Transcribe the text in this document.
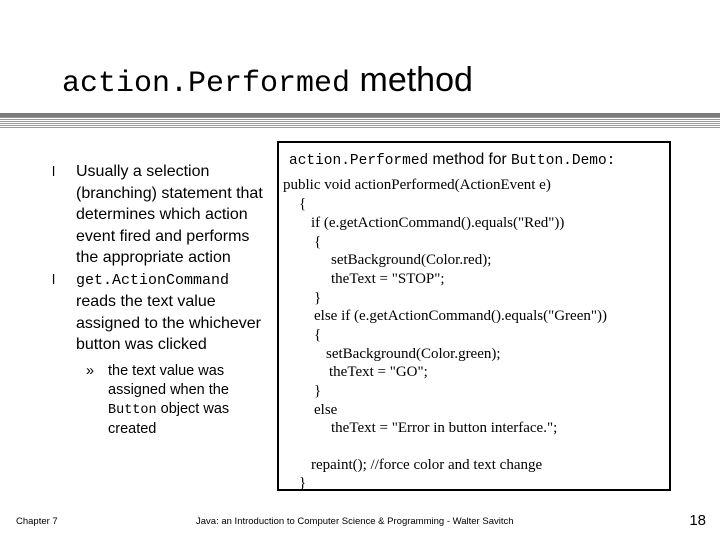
action.Performed method

l Usually a selection (branching) statement that determines which action event fired and performs the appropriate action

l get.ActionCommand reads the text value assigned to the whichever button was clicked

» the text value was assigned when the Button object was created
action.Performed method for Button.Demo:
public void actionPerformed(ActionEvent e)
{
if (e.getActionCommand().equals("Red"))
{
setBackground(Color.red);
theText = "STOP";
}
else if (e.getActionCommand().equals("Green"))
{
setBackground(Color.green);
theText = "GO";
}
else
theText = "Error in button interface.";
repaint(); //force color and text change
}
Chapter 7	Java: an Introduction to Computer Science & Programming - Walter Savitch	18
